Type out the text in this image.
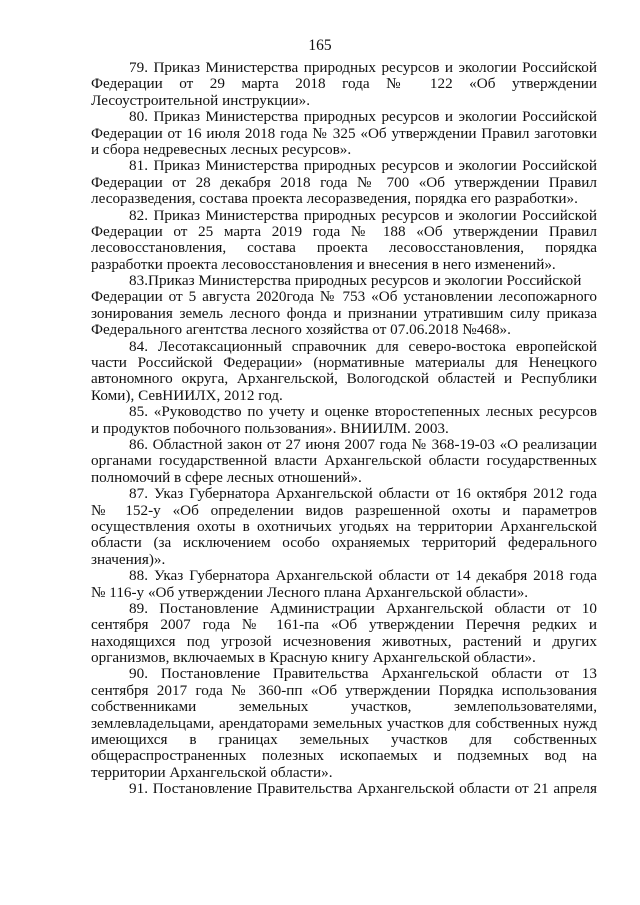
165
79. Приказ Министерства природных ресурсов и экологии Российской
Федерации от 29 марта 2018 года № 122 «Об утверждении
Лесоустроительной инструкции».
80. Приказ Министерства природных ресурсов и экологии Российской
Федерации от 16 июля 2018 года № 325 «Об утверждении Правил заготовки
и сбора недревесных лесных ресурсов».
81. Приказ Министерства природных ресурсов и экологии Российской
Федерации от 28 декабря 2018 года № 700 «Об утверждении Правил
лесоразведения, состава проекта лесоразведения, порядка его разработки».
82. Приказ Министерства природных ресурсов и экологии Российской
Федерации от 25 марта 2019 года № 188 «Об утверждении Правил
лесовосстановления, состава проекта лесовосстановления, порядка
разработки проекта лесовосстановления и внесения в него изменений».
83.Приказ Министерства природных ресурсов и экологии Российской
Федерации от 5 августа 2020года № 753 «Об установлении лесопожарного
зонирования земель лесного фонда и признании утратившим силу приказа
Федерального агентства лесного хозяйства от 07.06.2018 №468».
84. Лесотаксационный справочник для северо-востока европейской
части Российской Федерации» (нормативные материалы для Ненецкого
автономного округа, Архангельской, Вологодской областей и Республики
Коми), СевНИИЛХ, 2012 год.
85. «Руководство по учету и оценке второстепенных лесных ресурсов
и продуктов побочного пользования». ВНИИЛМ. 2003.
86. Областной закон от 27 июня 2007 года № 368-19-03 «О реализации
органами государственной власти Архангельской области государственных
полномочий в сфере лесных отношений».
87. Указ Губернатора Архангельской области от 16 октября 2012 года
№ 152-у «Об определении видов разрешенной охоты и параметров
осуществления охоты в охотничьих угодьях на территории Архангельской
области (за исключением особо охраняемых территорий федерального
значения)».
88. Указ Губернатора Архангельской области от 14 декабря 2018 года
№ 116-у «Об утверждении Лесного плана Архангельской области».
89. Постановление Администрации Архангельской области от 10
сентября 2007 года № 161-па «Об утверждении Перечня редких и
находящихся под угрозой исчезновения животных, растений и других
организмов, включаемых в Красную книгу Архангельской области».
90. Постановление Правительства Архангельской области от 13
сентября 2017 года № 360-пп «Об утверждении Порядка использования
собственниками земельных участков, землепользователями,
землевладельцами, арендаторами земельных участков для собственных нужд
имеющихся в границах земельных участков для собственных
общераспространенных полезных ископаемых и подземных вод на
территории Архангельской области».
91. Постановление Правительства Архангельской области от 21 апреля
